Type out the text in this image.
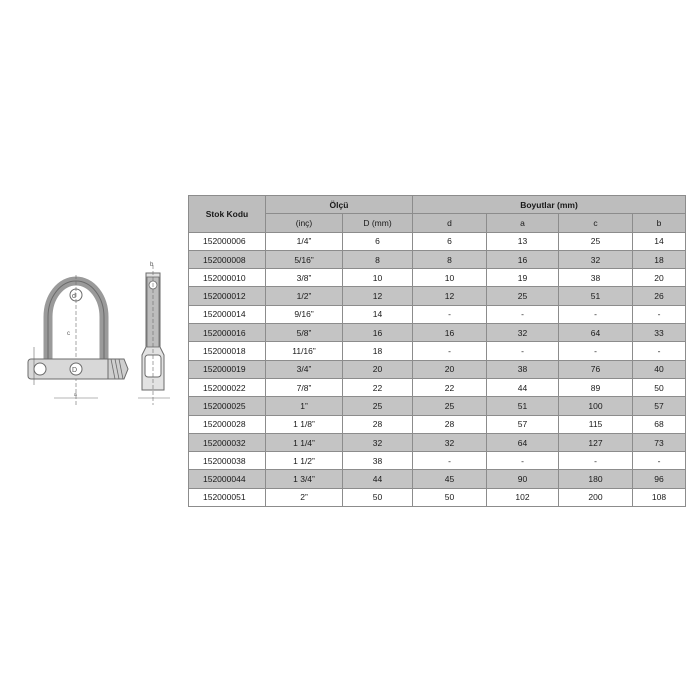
d
c
D
a
b
Stok Kodu	Ölçü		Boyutlar (mm)			
	(inç)	D (mm)	d	a	c	b
152000006	1/4”	6	6	13	25	14
152000008	5/16”	8	8	16	32	18
152000010	3/8”	10	10	19	38	20
152000012	1/2”	12	12	25	51	26
152000014	9/16”	14	-	-	-	-
152000016	5/8”	16	16	32	64	33
152000018	11/16”	18	-	-	-	-
152000019	3/4”	20	20	38	76	40
152000022	7/8”	22	22	44	89	50
152000025	1”	25	25	51	100	57
152000028	1 1/8”	28	28	57	115	68
152000032	1 1/4”	32	32	64	127	73
152000038	1 1/2”	38	-	-	-	-
152000044	1 3/4”	44	45	90	180	96
152000051	2”	50	50	102	200	108
